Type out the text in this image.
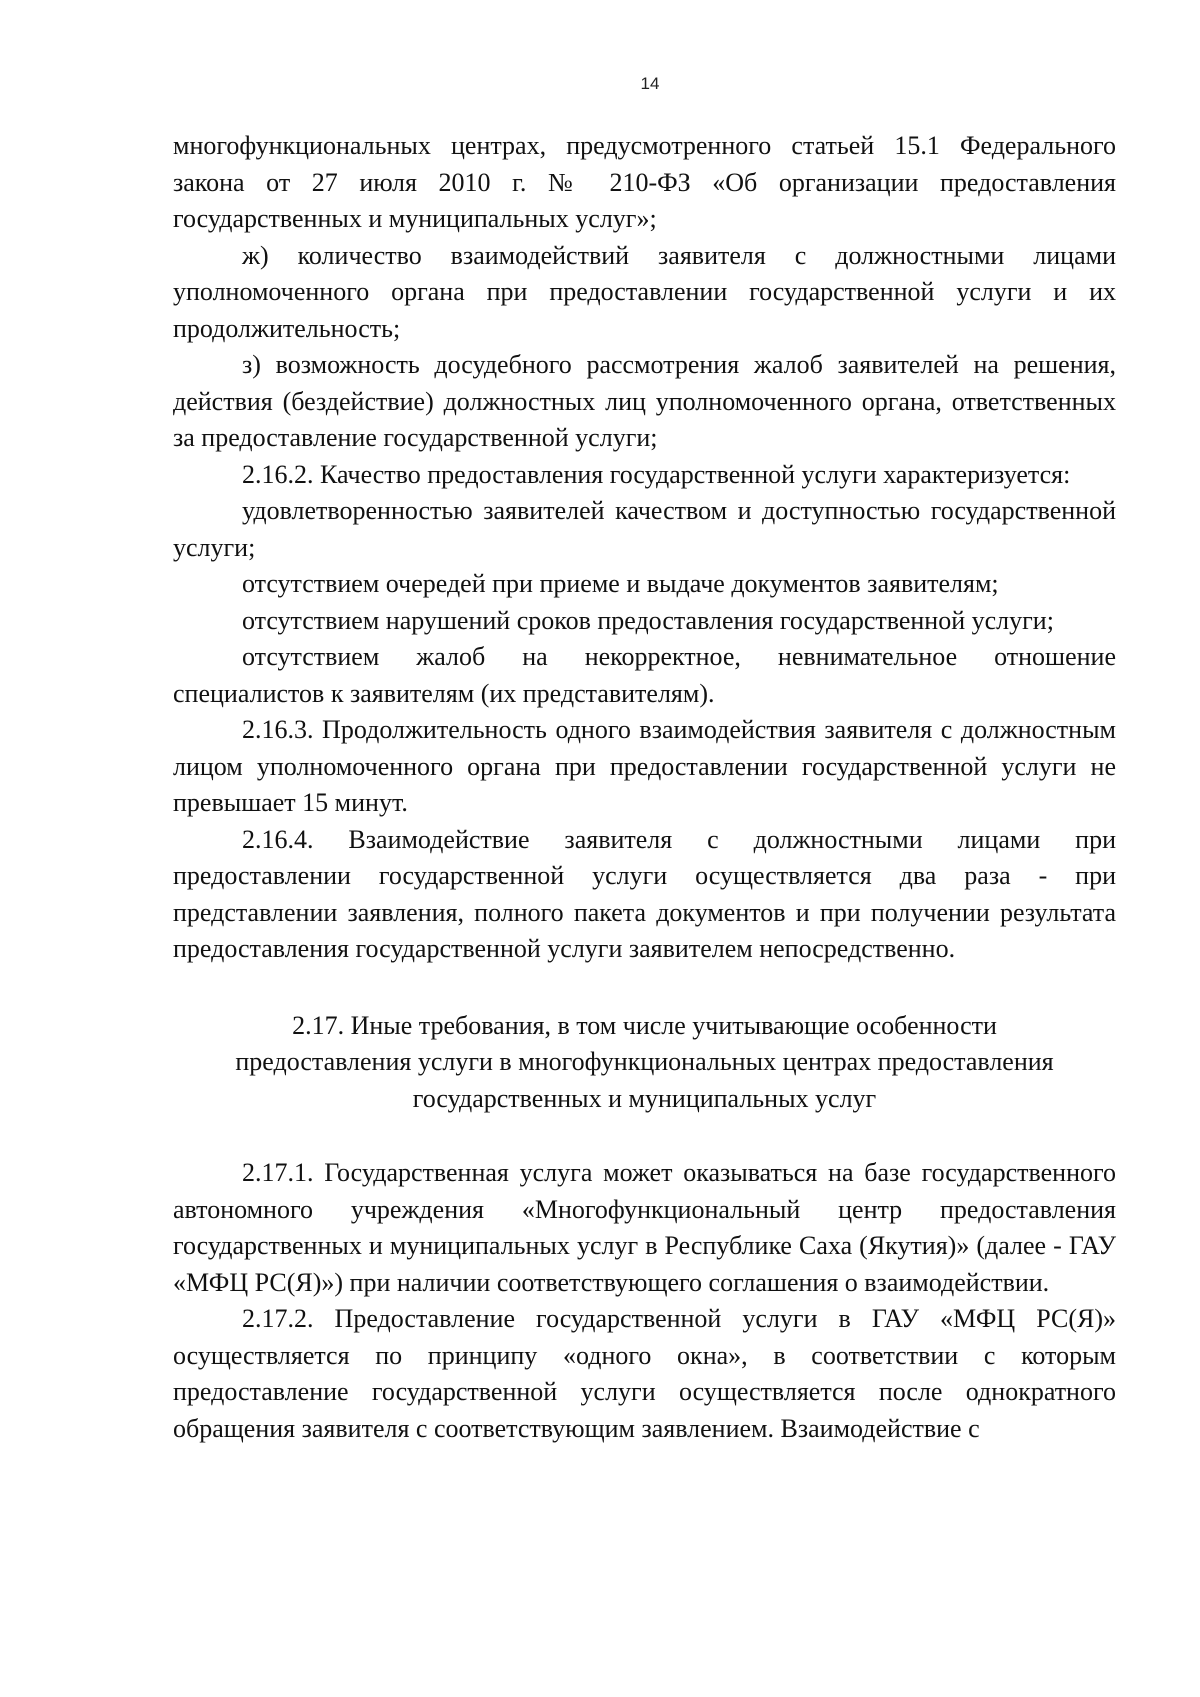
14

многофункциональных центрах, предусмотренного статьей 15.1 Федерального закона от 27 июля 2010 г. № 210-ФЗ «Об организации предоставления государственных и муниципальных услуг»;

ж) количество взаимодействий заявителя с должностными лицами уполномоченного органа при предоставлении государственной услуги и их продолжительность;

з) возможность досудебного рассмотрения жалоб заявителей на решения, действия (бездействие) должностных лиц уполномоченного органа, ответственных за предоставление государственной услуги;

2.16.2. Качество предоставления государственной услуги характеризуется:

удовлетворенностью заявителей качеством и доступностью государственной услуги;

отсутствием очередей при приеме и выдаче документов заявителям;

отсутствием нарушений сроков предоставления государственной услуги;

отсутствием жалоб на некорректное, невнимательное отношение специалистов к заявителям (их представителям).

2.16.3. Продолжительность одного взаимодействия заявителя с должностным лицом уполномоченного органа при предоставлении государственной услуги не превышает 15 минут.

2.16.4. Взаимодействие заявителя с должностными лицами при предоставлении государственной услуги осуществляется два раза - при представлении заявления, полного пакета документов и при получении результата предоставления государственной услуги заявителем непосредственно.

2.17. Иные требования, в том числе учитывающие особенности
предоставления услуги в многофункциональных центрах предоставления
государственных и муниципальных услуг

2.17.1. Государственная услуга может оказываться на базе государственного автономного учреждения «Многофункциональный центр предоставления государственных и муниципальных услуг в Республике Саха (Якутия)» (далее - ГАУ «МФЦ РС(Я)») при наличии соответствующего соглашения о взаимодействии.

2.17.2. Предоставление государственной услуги в ГАУ «МФЦ РС(Я)» осуществляется по принципу «одного окна», в соответствии с которым предоставление государственной услуги осуществляется после однократного обращения заявителя с соответствующим заявлением. Взаимодействие с
